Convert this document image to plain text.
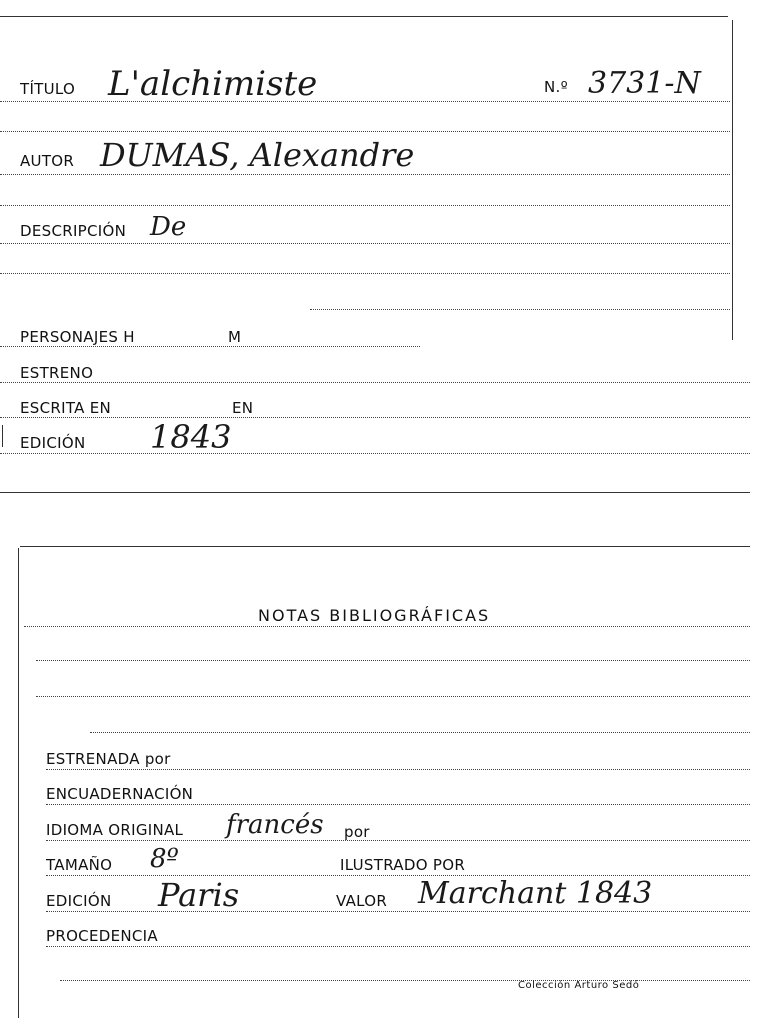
TÍTULO L'alchimiste	N.º 3731-N
AUTOR DUMAS, Alexandre
DESCRIPCIÓN De
PERSONAJES H	M
ESTRENO
ESCRITA EN	EN
EDICIÓN 1843
NOTAS BIBLIOGRÁFICAS
ESTRENADA por
ENCUADERNACIÓN
IDIOMA ORIGINAL francés por
TAMAÑO 8º	ILUSTRADO POR
EDICIÓN Paris	VALOR Marchant 1843
PROCEDENCIA
Colección Arturo Sedó
